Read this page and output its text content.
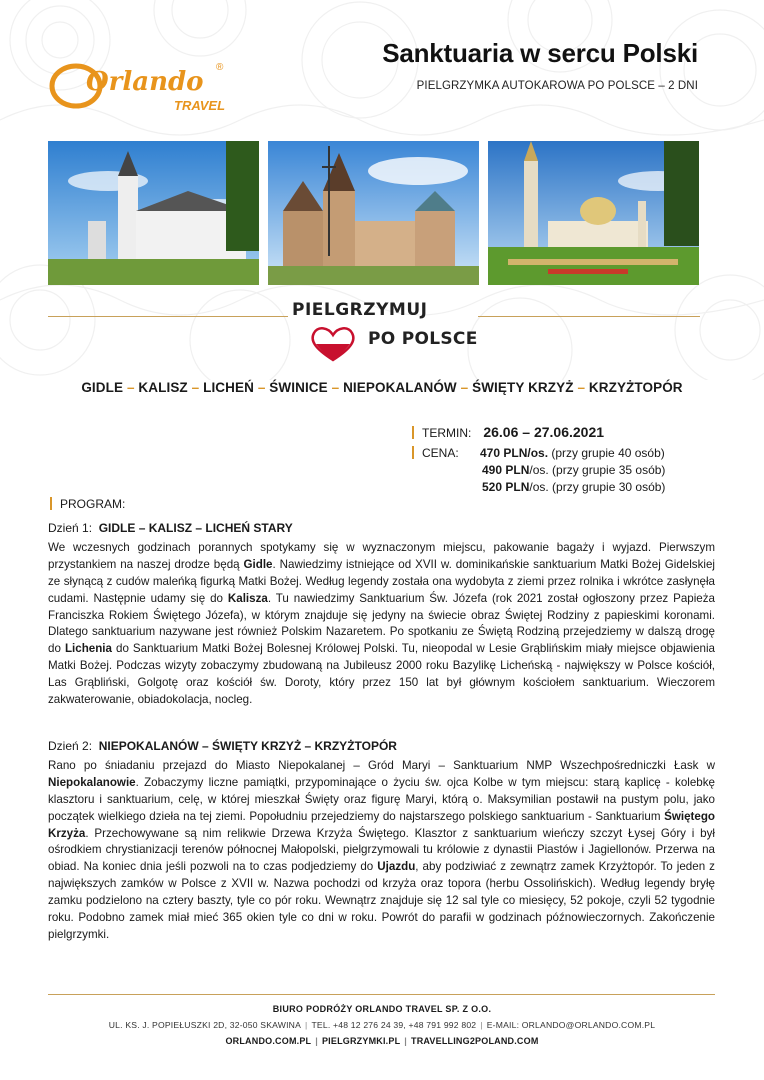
Orlando ®
TRAVEL
Sanktuaria w sercu Polski
PIELGRZYMKA AUTOKAROWA PO POLSCE – 2 DNI
PIELGRZYMUJ
PO POLSCE
GIDLE – KALISZ – LICHEŃ – ŚWINICE – NIEPOKALANÓW – ŚWIĘTY KRZYŻ – KRZYŻTOPÓR
TERMIN: 26.06 – 27.06.2021
CENA: 470 PLN/os. (przy grupie 40 osób)
490 PLN/os. (przy grupie 35 osób)
520 PLN/os. (przy grupie 30 osób)
PROGRAM:
Dzień 1: GIDLE – KALISZ – LICHEŃ STARY
We wczesnych godzinach porannych spotykamy się w wyznaczonym miejscu, pakowanie bagaży i wyjazd. Pierwszym przystankiem na naszej drodze będą Gidle. Nawiedzimy istniejące od XVII w. dominikańskie sanktuarium Matki Bożej Gidelskiej ze słynącą z cudów maleńką figurką Matki Bożej. Według legendy została ona wydobyta z ziemi przez rolnika i wkrótce zasłynęła cudami. Następnie udamy się do Kalisza. Tu nawiedzimy Sanktuarium Św. Józefa (rok 2021 został ogłoszony przez Papieża Franciszka Rokiem Świętego Józefa), w którym znajduje się jedyny na świecie obraz Świętej Rodziny z papieskimi koronami. Dlatego sanktuarium nazywane jest również Polskim Nazaretem. Po spotkaniu ze Świętą Rodziną przejedziemy w dalszą drogę do Lichenia do Sanktuarium Matki Bożej Bolesnej Królowej Polski. Tu, nieopodal w Lesie Grąblińskim miały miejsce objawienia Matki Bożej. Podczas wizyty zobaczymy zbudowaną na Jubileusz 2000 roku Bazylikę Licheńską - największy w Polsce kościół, Las Grąbliński, Golgotę oraz kościół św. Doroty, który przez 150 lat był głównym kościołem sanktuarium. Wieczorem zakwaterowanie, obiadokolacja, nocleg.
Dzień 2: NIEPOKALANÓW – ŚWIĘTY KRZYŻ – KRZYŻTOPÓR
Rano po śniadaniu przejazd do Miasto Niepokalanej – Gród Maryi – Sanktuarium NMP Wszechpośredniczki Łask w Niepokalanowie. Zobaczymy liczne pamiątki, przypominające o życiu św. ojca Kolbe w tym miejscu: starą kaplicę - kolebkę klasztoru i sanktuarium, celę, w której mieszkał Święty oraz figurę Maryi, którą o. Maksymilian postawił na pustym polu, jako początek wielkiego dzieła na tej ziemi. Popołudniu przejedziemy do najstarszego polskiego sanktuarium - Sanktuarium Świętego Krzyża. Przechowywane są nim relikwie Drzewa Krzyża Świętego. Klasztor z sanktuarium wieńczy szczyt Łysej Góry i był ośrodkiem chrystianizacji terenów północnej Małopolski, pielgrzymowali tu królowie z dynastii Piastów i Jagiellonów. Przerwa na obiad. Na koniec dnia jeśli pozwoli na to czas podjedziemy do Ujazdu, aby podziwiać z zewnątrz zamek Krzyżtopór. To jeden z największych zamków w Polsce z XVII w. Nazwa pochodzi od krzyża oraz topora (herbu Ossolińskich). Według legendy bryłę zamku podzielono na cztery baszty, tyle co pór roku. Wewnątrz znajduje się 12 sal tyle co miesięcy, 52 pokoje, czyli 52 tygodnie roku. Podobno zamek miał mieć 365 okien tyle co dni w roku. Powrót do parafii w godzinach późnowieczornych. Zakończenie pielgrzymki.
BIURO PODRÓŻY ORLANDO TRAVEL SP. Z O.O.
UL. KS. J. POPIEŁUSZKI 2D, 32-050 SKAWINA | TEL. +48 12 276 24 39, +48 791 992 802 | E-MAIL: ORLANDO@ORLANDO.COM.PL
ORLANDO.COM.PL | PIELGRZYMKI.PL | TRAVELLING2POLAND.COM
